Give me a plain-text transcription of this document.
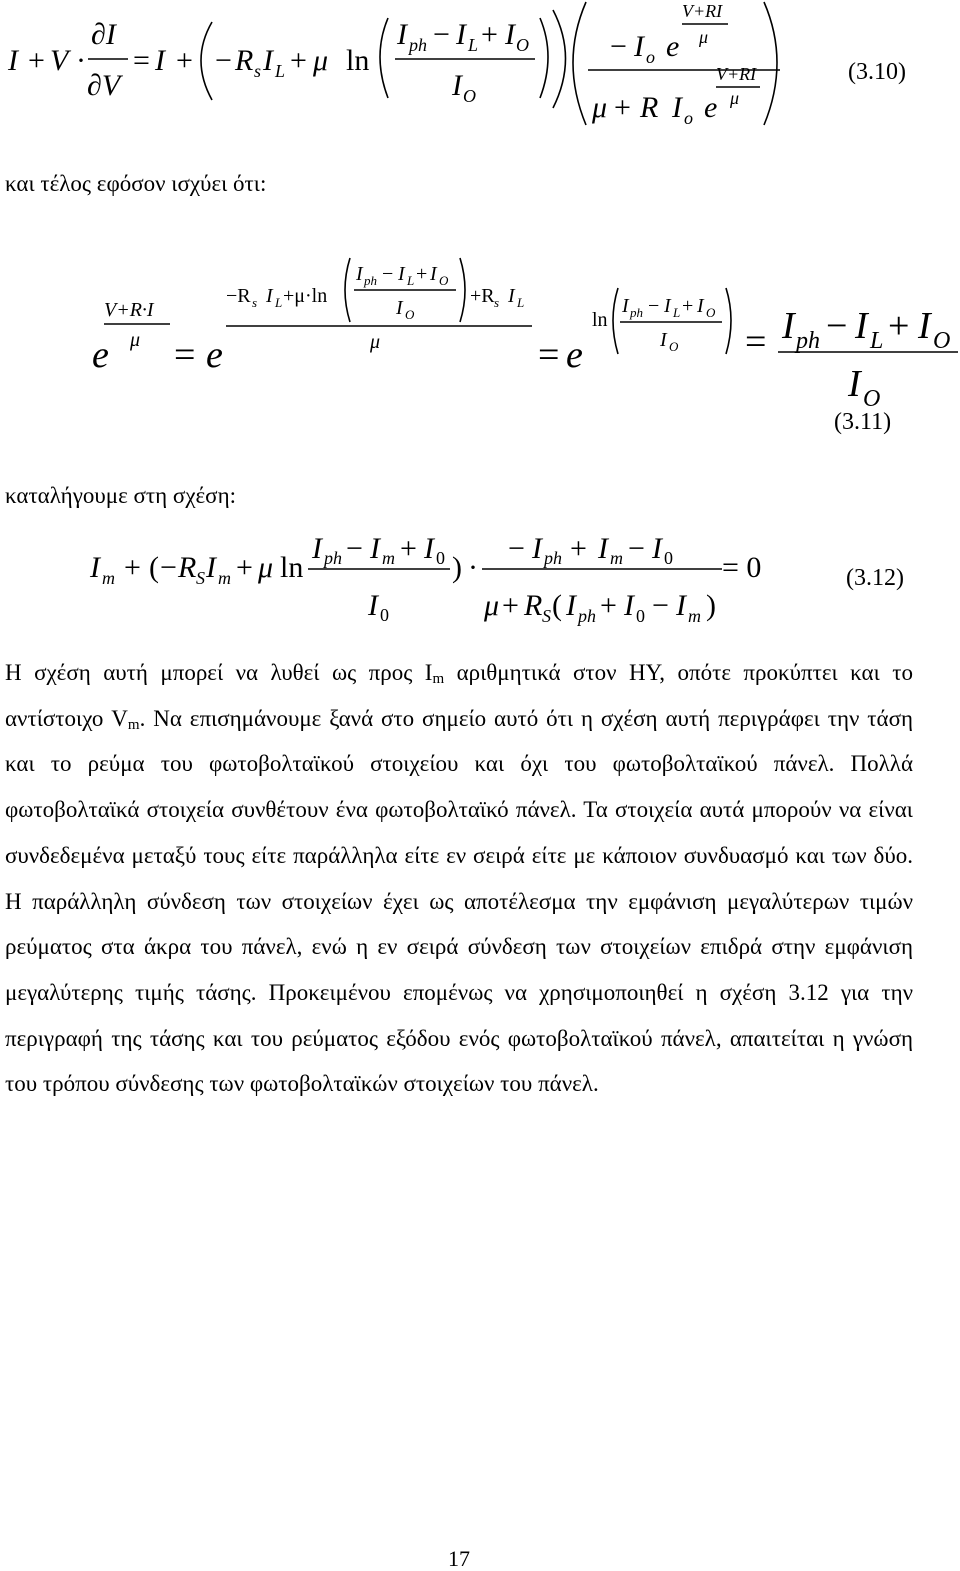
I + V ·
∂I
∂V
= I + − R s I L + μ ln
I ph − I L + I O
I O
− I o e
V+RI
μ
μ + R I o e
V+RI
μ
(3.10)
και τέλος εφόσον ισχύει ότι:
e
V+R·I
μ = e
−R s I L +μ·ln
I ph − I L + I O
I O
+R s I L
μ	= e
ln
I ph − I L + I O
I O = I ph − I L + I O
I O
(3.11)
καταλήγουμε στη σχέση:
I m + ( − R S I m + μ ln
I ph − I m + I 0
I 0
) ·
− I ph + I m − I 0
μ + R S ( I ph + I 0 − I m )
= 0	(3.12)
Η σχέση αυτή μπορεί να λυθεί ως προς $I_m$ αριθμητικά στον ΗΥ, οπότε προκύπτει και το αντίστοιχο $V_m$. Να επισημάνουμε ξανά στο σημείο αυτό ότι η σχέση αυτή περιγράφει την τάση και το ρεύμα του φωτοβολταϊκού στοιχείου και όχι του φωτοβολταϊκού πάνελ. Πολλά φωτοβολταϊκά στοιχεία συνθέτουν ένα φωτοβολταϊκό πάνελ. Τα στοιχεία αυτά μπορούν να είναι συνδεδεμένα μεταξύ τους είτε παράλληλα είτε εν σειρά είτε με κάποιον συνδυασμό και των δύο. Η παράλληλη σύνδεση των στοιχείων έχει ως αποτέλεσμα την εμφάνιση μεγαλύτερων τιμών ρεύματος στα άκρα του πάνελ, ενώ η εν σειρά σύνδεση των στοιχείων επιδρά στην εμφάνιση μεγαλύτερης τιμής τάσης. Προκειμένου επομένως να χρησιμοποιηθεί η σχέση 3.12 για την περιγραφή της τάσης και του ρεύματος εξόδου ενός φωτοβολταϊκού πάνελ, απαιτείται η γνώση του τρόπου σύνδεσης των φωτοβολταϊκών στοιχείων του πάνελ.
17
